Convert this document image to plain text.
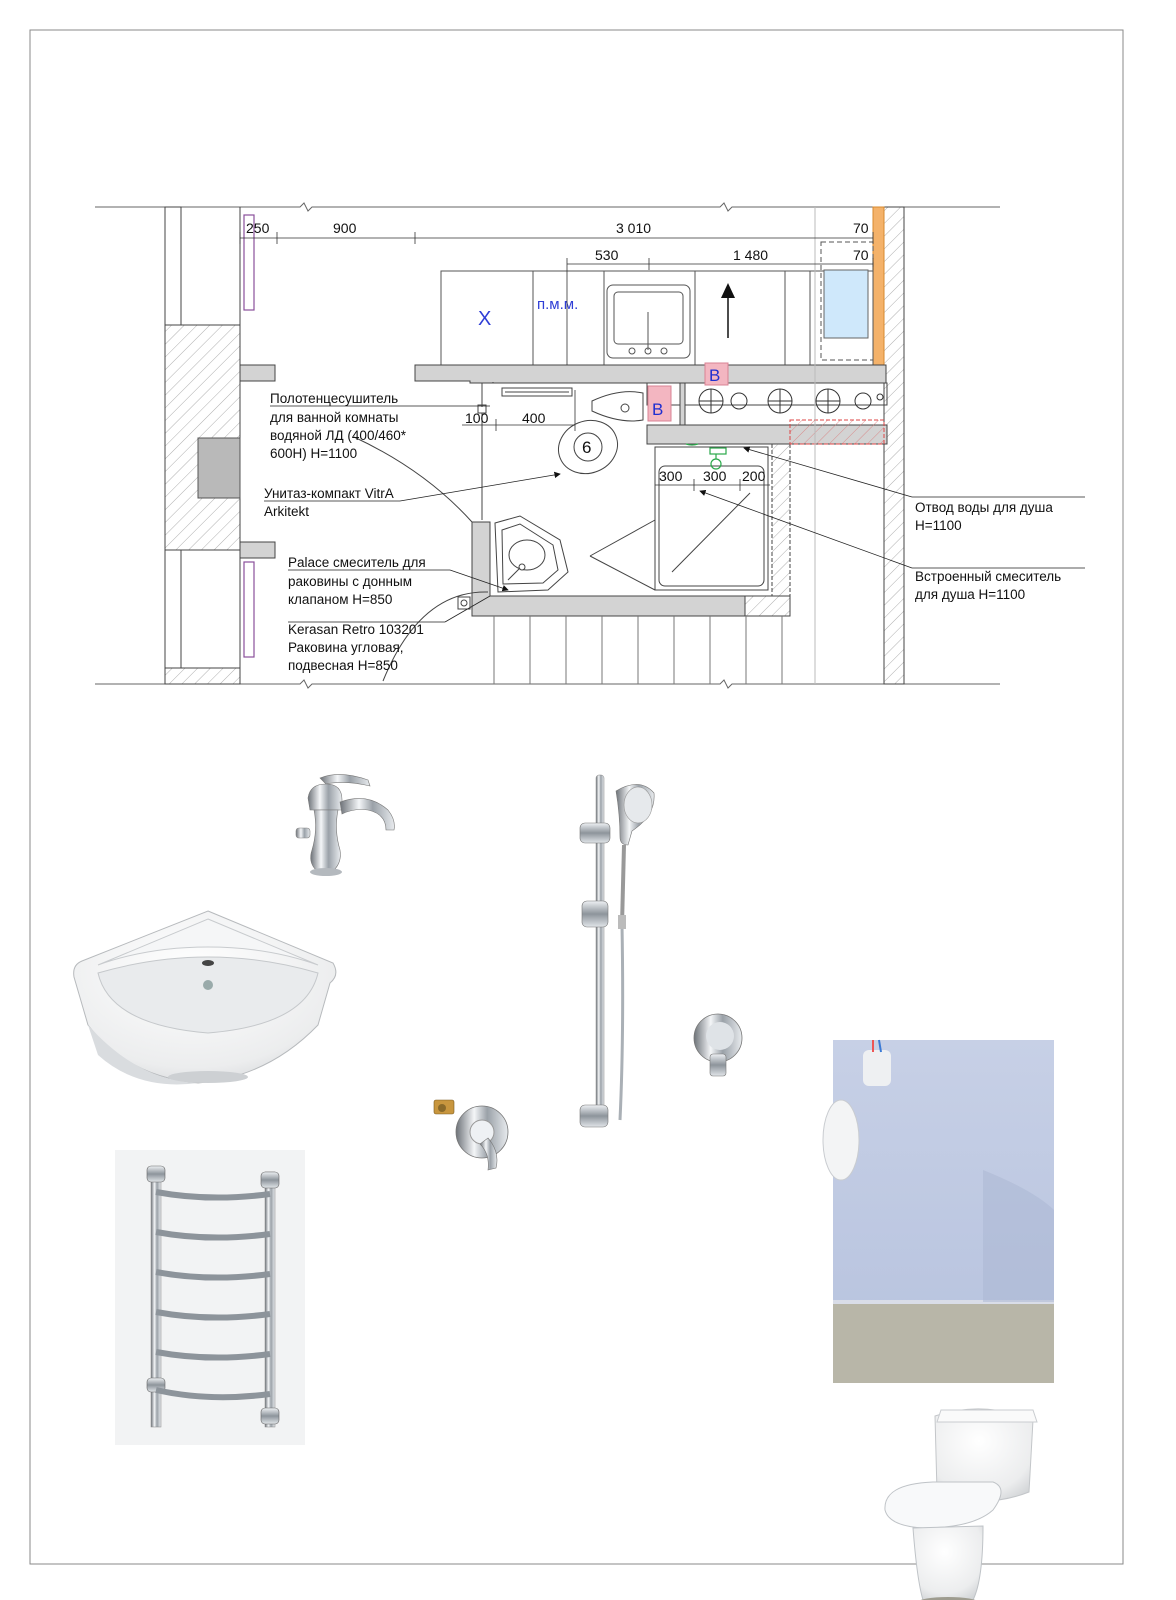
X
п.м.м.
В
В
6
250	900	3 010	70
530	1 480	70
100 400
300 300 200
Полотенцесушитель для ванной комнаты водяной ЛД (400/460* 600Н) Н=1100
Унитаз-компакт VitrA Arkitekt
Palace смеситель для раковины с донным клапаном Н=850
Kerasan Retro 103201 Раковина угловая, подвесная Н=850
Отвод воды для душа Н=1100
Встроенный смеситель для душа Н=1100
